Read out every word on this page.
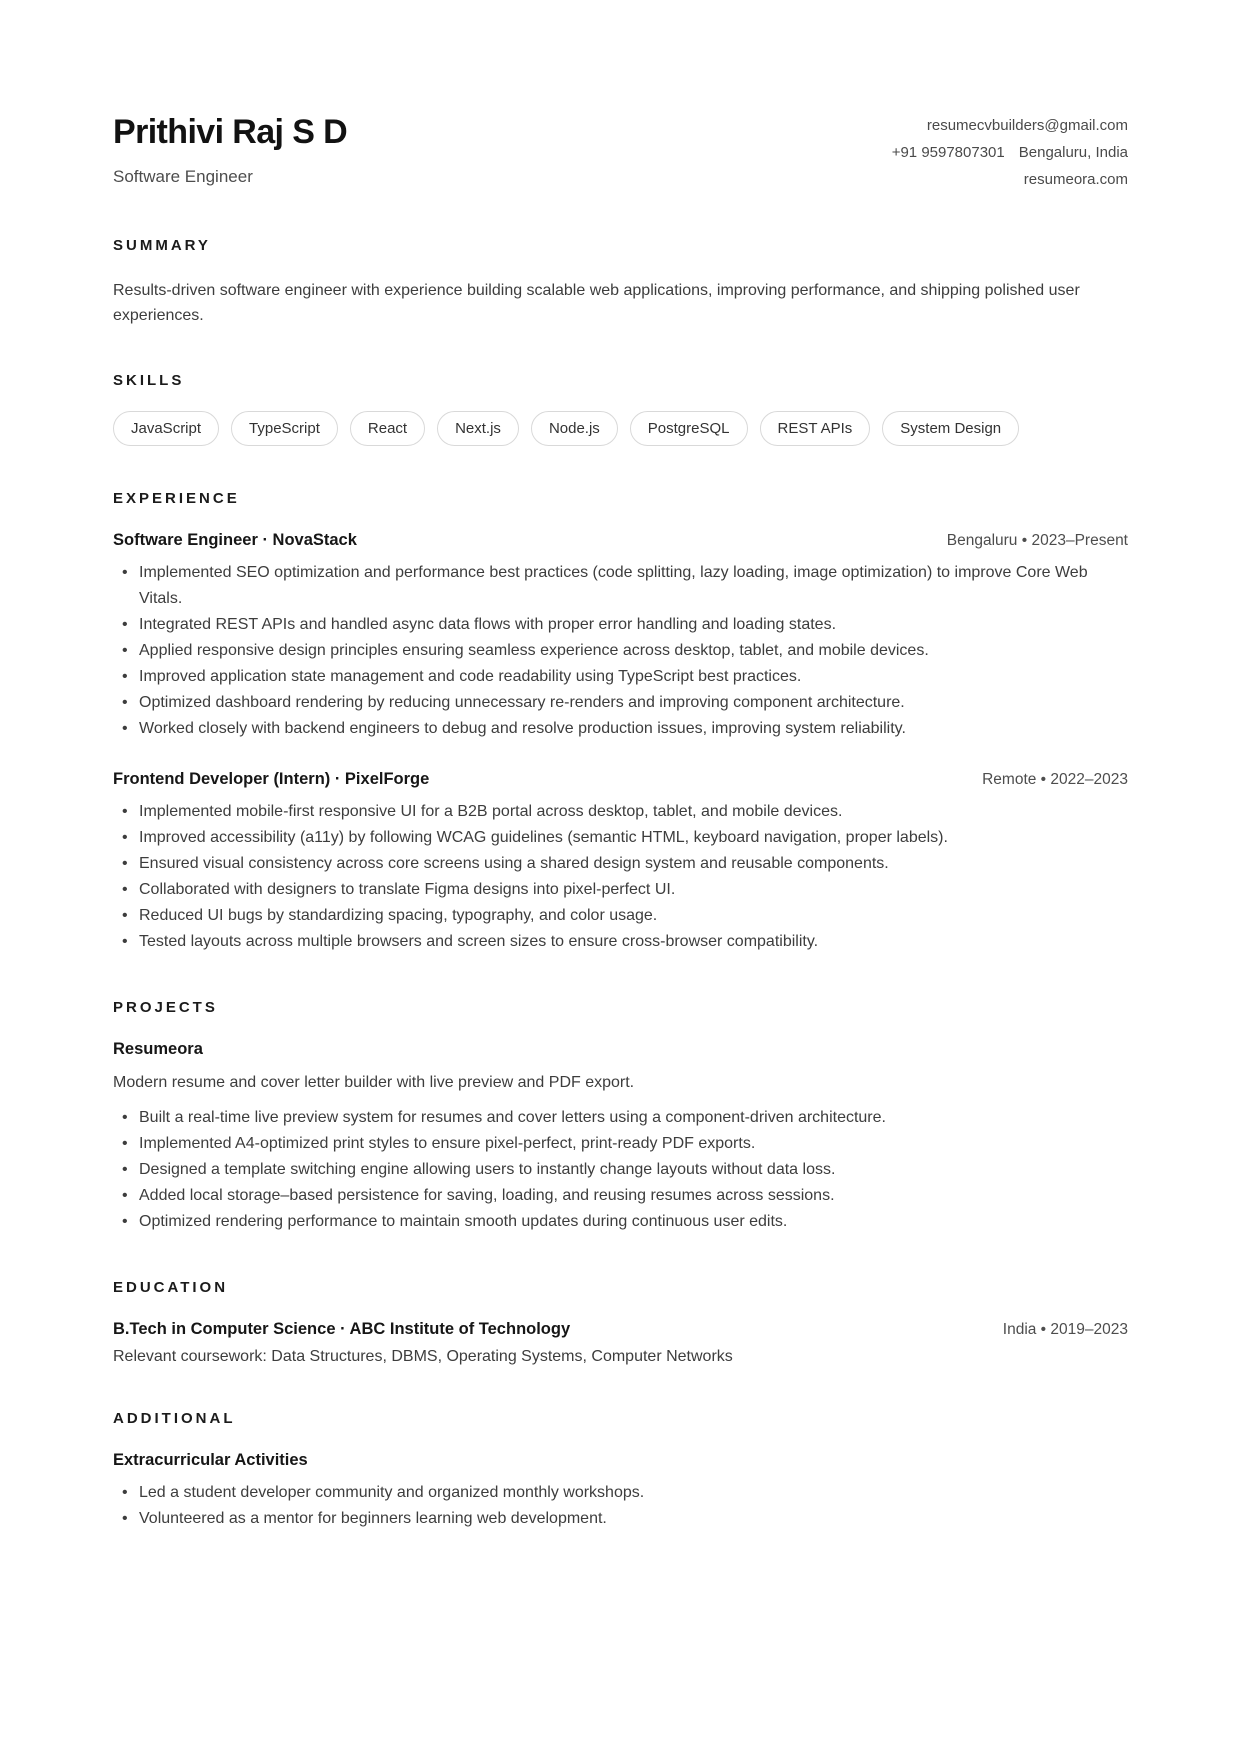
Prithivi Raj S D
Software Engineer
resumecvbuilders@gmail.com
+91 9597807301 Bengaluru, India
resumeora.com
SUMMARY

Results-driven software engineer with experience building scalable web applications, improving performance, and shipping polished user experiences.

SKILLS
JavaScript	TypeScript	React	Next.js	Node.js	PostgreSQL	REST APIs	System Design
EXPERIENCE
Software Engineer · NovaStack	Bengaluru • 2023–Present
• Implemented SEO optimization and performance best practices (code splitting, lazy loading, image optimization) to improve Core Web Vitals.
• Integrated REST APIs and handled async data flows with proper error handling and loading states.
• Applied responsive design principles ensuring seamless experience across desktop, tablet, and mobile devices.
• Improved application state management and code readability using TypeScript best practices.
• Optimized dashboard rendering by reducing unnecessary re-renders and improving component architecture.
• Worked closely with backend engineers to debug and resolve production issues, improving system reliability.
Frontend Developer (Intern) · PixelForge	Remote • 2022–2023
• Implemented mobile-first responsive UI for a B2B portal across desktop, tablet, and mobile devices.
• Improved accessibility (a11y) by following WCAG guidelines (semantic HTML, keyboard navigation, proper labels).
• Ensured visual consistency across core screens using a shared design system and reusable components.
• Collaborated with designers to translate Figma designs into pixel-perfect UI.
• Reduced UI bugs by standardizing spacing, typography, and color usage.
• Tested layouts across multiple browsers and screen sizes to ensure cross-browser compatibility.
PROJECTS
Resumeora
Modern resume and cover letter builder with live preview and PDF export.
• Built a real-time live preview system for resumes and cover letters using a component-driven architecture.
• Implemented A4-optimized print styles to ensure pixel-perfect, print-ready PDF exports.
• Designed a template switching engine allowing users to instantly change layouts without data loss.
• Added local storage–based persistence for saving, loading, and reusing resumes across sessions.
• Optimized rendering performance to maintain smooth updates during continuous user edits.
EDUCATION
B.Tech in Computer Science · ABC Institute of Technology	India • 2019–2023
Relevant coursework: Data Structures, DBMS, Operating Systems, Computer Networks
ADDITIONAL
Extracurricular Activities
• Led a student developer community and organized monthly workshops.
• Volunteered as a mentor for beginners learning web development.
